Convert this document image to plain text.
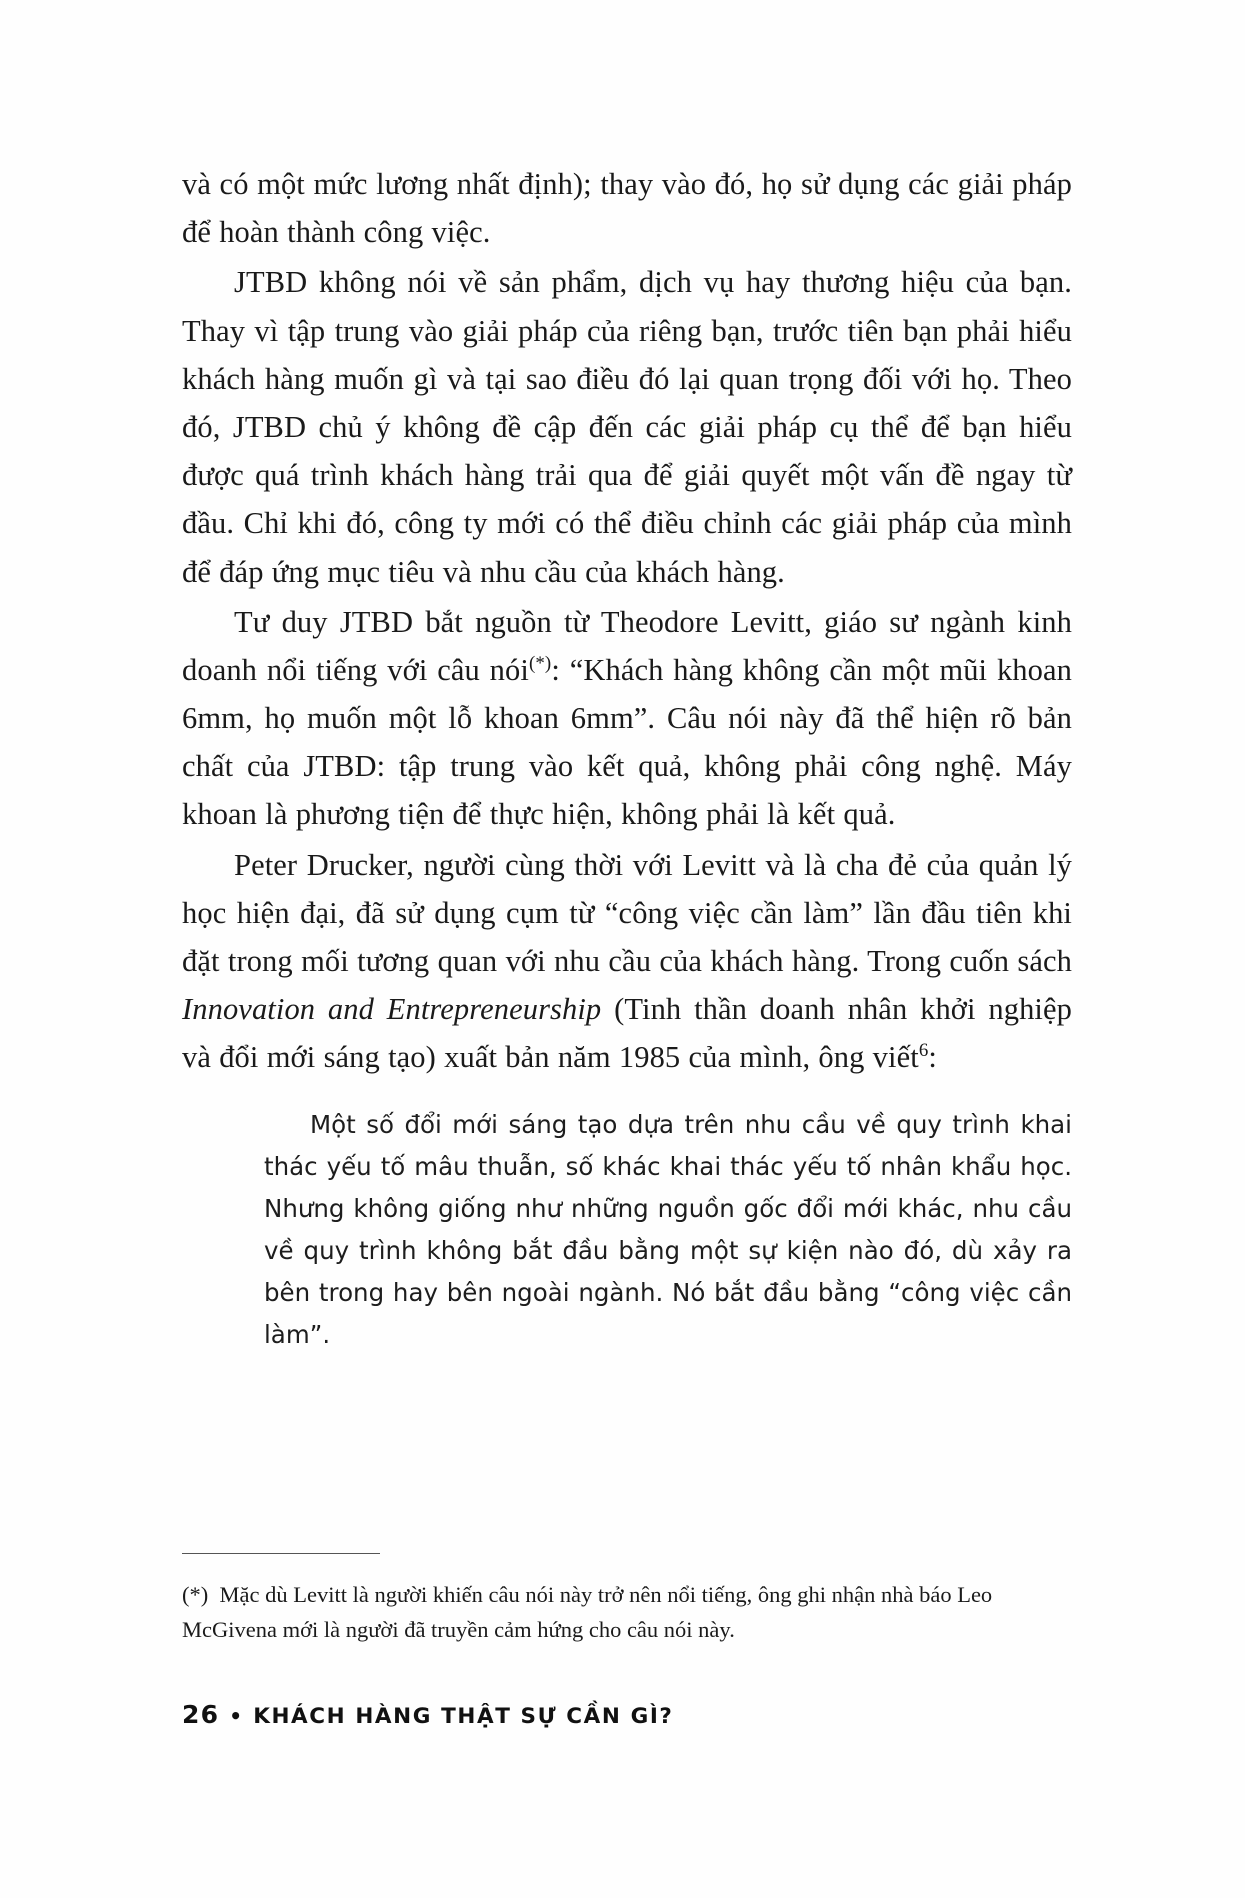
và có một mức lương nhất định); thay vào đó, họ sử dụng các giải pháp để hoàn thành công việc.

JTBD không nói về sản phẩm, dịch vụ hay thương hiệu của bạn. Thay vì tập trung vào giải pháp của riêng bạn, trước tiên bạn phải hiểu khách hàng muốn gì và tại sao điều đó lại quan trọng đối với họ. Theo đó, JTBD chủ ý không đề cập đến các giải pháp cụ thể để bạn hiểu được quá trình khách hàng trải qua để giải quyết một vấn đề ngay từ đầu. Chỉ khi đó, công ty mới có thể điều chỉnh các giải pháp của mình để đáp ứng mục tiêu và nhu cầu của khách hàng.

Tư duy JTBD bắt nguồn từ Theodore Levitt, giáo sư ngành kinh doanh nổi tiếng với câu nói(*): “Khách hàng không cần một mũi khoan 6mm, họ muốn một lỗ khoan 6mm”. Câu nói này đã thể hiện rõ bản chất của JTBD: tập trung vào kết quả, không phải công nghệ. Máy khoan là phương tiện để thực hiện, không phải là kết quả.

Peter Drucker, người cùng thời với Levitt và là cha đẻ của quản lý học hiện đại, đã sử dụng cụm từ “công việc cần làm” lần đầu tiên khi đặt trong mối tương quan với nhu cầu của khách hàng. Trong cuốn sách Innovation and Entrepreneurship (Tinh thần doanh nhân khởi nghiệp và đổi mới sáng tạo) xuất bản năm 1985 của mình, ông viết$^6$:

Một số đổi mới sáng tạo dựa trên nhu cầu về quy trình khai thác yếu tố mâu thuẫn, số khác khai thác yếu tố nhân khẩu học. Nhưng không giống như những nguồn gốc đổi mới khác, nhu cầu về quy trình không bắt đầu bằng một sự kiện nào đó, dù xảy ra bên trong hay bên ngoài ngành. Nó bắt đầu bằng “công việc cần làm”.

(*) Mặc dù Levitt là người khiến câu nói này trở nên nổi tiếng, ông ghi nhận nhà báo Leo McGivena mới là người đã truyền cảm hứng cho câu nói này.

26 • KHÁCH HÀNG THẬT SỰ CẦN GÌ?
